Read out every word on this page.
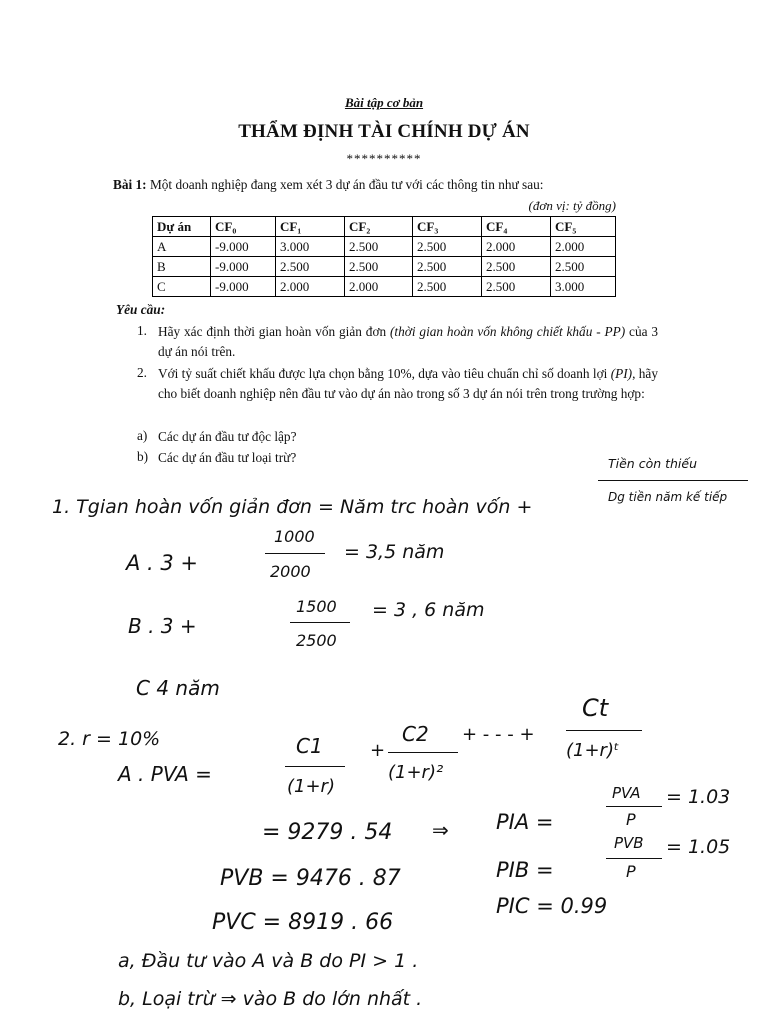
Bài tập cơ bản
THẨM ĐỊNH TÀI CHÍNH DỰ ÁN
**********
Bài 1: Một doanh nghiệp đang xem xét 3 dự án đầu tư với các thông tin như sau:
(đơn vị: tỷ đồng)
Dự án	CF₀	CF₁	CF₂	CF₃	CF₄	CF₅
A	-9.000	3.000	2.500	2.500	2.000	2.000
B	-9.000	2.500	2.500	2.500	2.500	2.500
C	-9.000	2.000	2.000	2.500	2.500	3.000
Yêu cầu:
1. Hãy xác định thời gian hoàn vốn giản đơn (thời gian hoàn vốn không chiết khấu - PP) của 3 dự án nói trên.
2. Với tỷ suất chiết khấu được lựa chọn bằng 10%, dựa vào tiêu chuẩn chỉ số doanh lợi (PI), hãy cho biết doanh nghiệp nên đầu tư vào dự án nào trong số 3 dự án nói trên trong trường hợp:
a) Các dự án đầu tư độc lập?
b) Các dự án đầu tư loại trừ?
1. Tgian hoàn vốn giản đơn = Năm trc hoàn vốn +
Tiền còn thiếu
Dg tiền năm kế tiếp
A . 3 +
1000
2000
= 3,5 năm
B . 3 +
1500
2500
= 3 , 6 năm
C 4 năm
2. r = 10%
A . PVA =
C1
(1+r)
+
C2
(1+r)²
+ - - - +
Ct
(1+r)ᵗ
= 9279 . 54 ⇒ PIA =
PVA
P
= 1.03
PVB = 9476 . 87	PIB =
PVB
P
= 1.05
PVC = 8919 . 66
PIC = 0.99
a, Đầu tư vào A và B do PI > 1 .
b, Loại trừ ⇒ vào B do lớn nhất .
